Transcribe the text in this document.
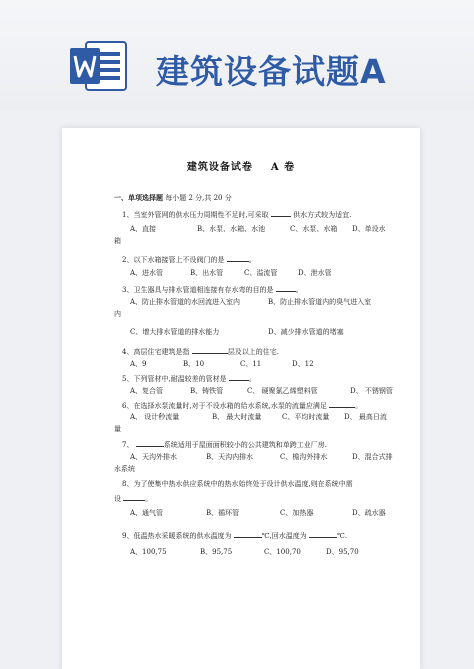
建筑设备试题A
建筑设备试卷    A 卷
一、单项选择题 每小题 2 分,共 20 分
1、当室外管网的供水压力周期性不足时,可采取	供水方式较为适宜.
A、直接	B、水泵、水箱、水池	C、水泵、水箱 D、单设水
箱
2、以下水箱接管上不设阀门的是	。
A、进水管	B、出水管	C、溢流管	D、泄水管
3、卫生器具与排水管道相连接有存水弯的目的是	。
A、防止排水管道的水回流进入室内	B、防止排水管道内的臭气进入室
内
C、增大排水管道的排水能力	D、减少排水管道的堵塞
4、高层住宅建筑是指	层及以上的住宅.
A、9	B、10	C、11	D、12
5、下列管材中,耐温较差的管材是	。
A、复合管	B、铸铁管	C、 硬聚氯乙烯塑料管	D、 不锈钢管
6、在选择水泵流量时,对于不设水箱的给水系统,水泵的流量应满足	。
A、 设计秒流量	B、 最大时流量	C、平均时流量 D、 最高日流
量
7、	系统适用于屋面面积较小的公共建筑和单跨工业厂房.
A、天沟外排水	B、天沟内排水	C、檐沟外排水	D、混合式排
水系统
8、为了使集中热水供应系统中的热水始终处于设计供水温度,则在系统中需
设	。
A、通气管	B、循环管	C、加热器	D、疏水器
9、低温热水采暖系统的供水温度为	℃,回水温度为	℃.
A、100,75	B、95,75	C、100,70	D、95,70
